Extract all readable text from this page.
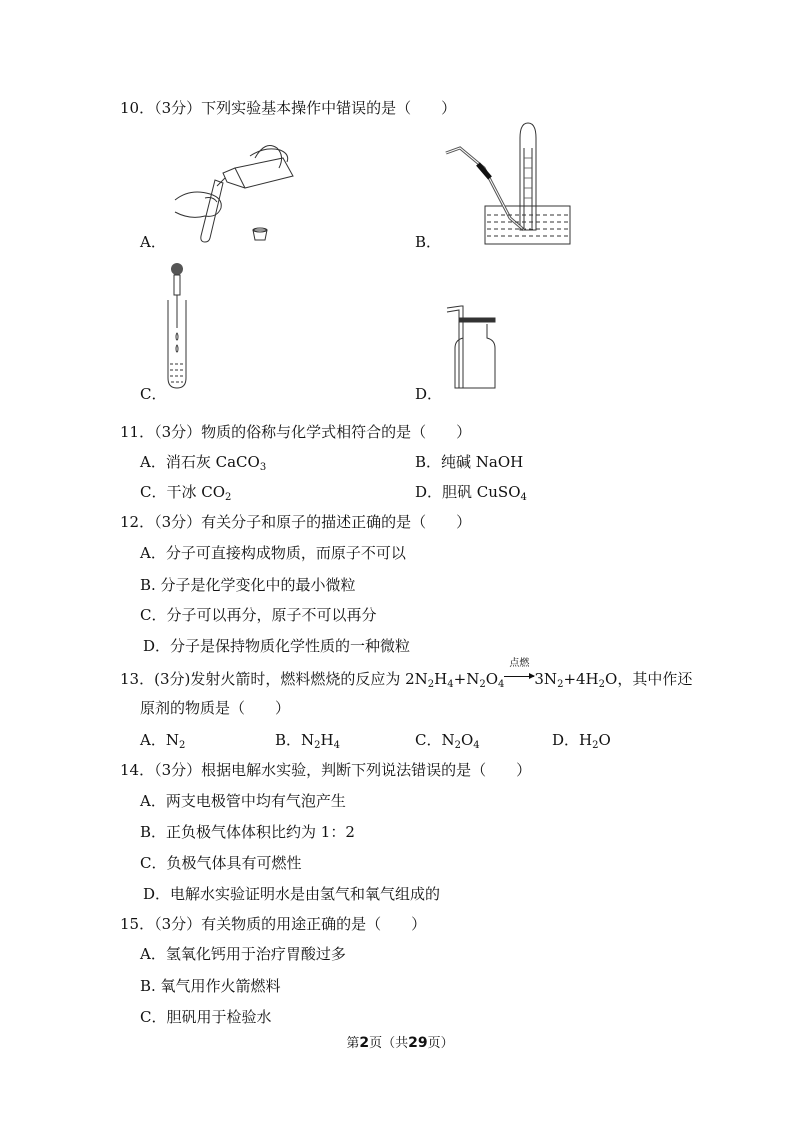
10．（3分）下列实验基本操作中错误的是（　　）
A．	B．
C．	D．
11．（3分）物质的俗称与化学式相符合的是（　　）
A．消石灰 CaCO$_3$	B．纯碱 NaOH
C．干冰 $CO_2$	D．胆矾 CuSO$_4$
12．（3分）有关分子和原子的描述正确的是（　　）
A．分子可直接构成物质，而原子不可以
B. 分子是化学变化中的最小微粒
C．分子可以再分，原子不可以再分
D．分子是保持物质化学性质的一种微粒
13．(3分)发射火箭时，燃料燃烧的反应为 $2N_2H_4+N_2O_4$
点燃
$3N_2+4H_2O$，其中作还
原剂的物质是（　　）
A．$N_2$	B．$N_2H_4$	C．$N_2O_4$	D．$H_2O$
14．（3分）根据电解水实验，判断下列说法错误的是（　　）
A．两支电极管中均有气泡产生
B．正负极气体体积比约为 1：2
C．负极气体具有可燃性
D．电解水实验证明水是由氢气和氧气组成的
15．（3分）有关物质的用途正确的是（　　）
A．氢氧化钙用于治疗胃酸过多
B. 氧气用作火箭燃料
C．胆矾用于检验水
第2页（共29页）
